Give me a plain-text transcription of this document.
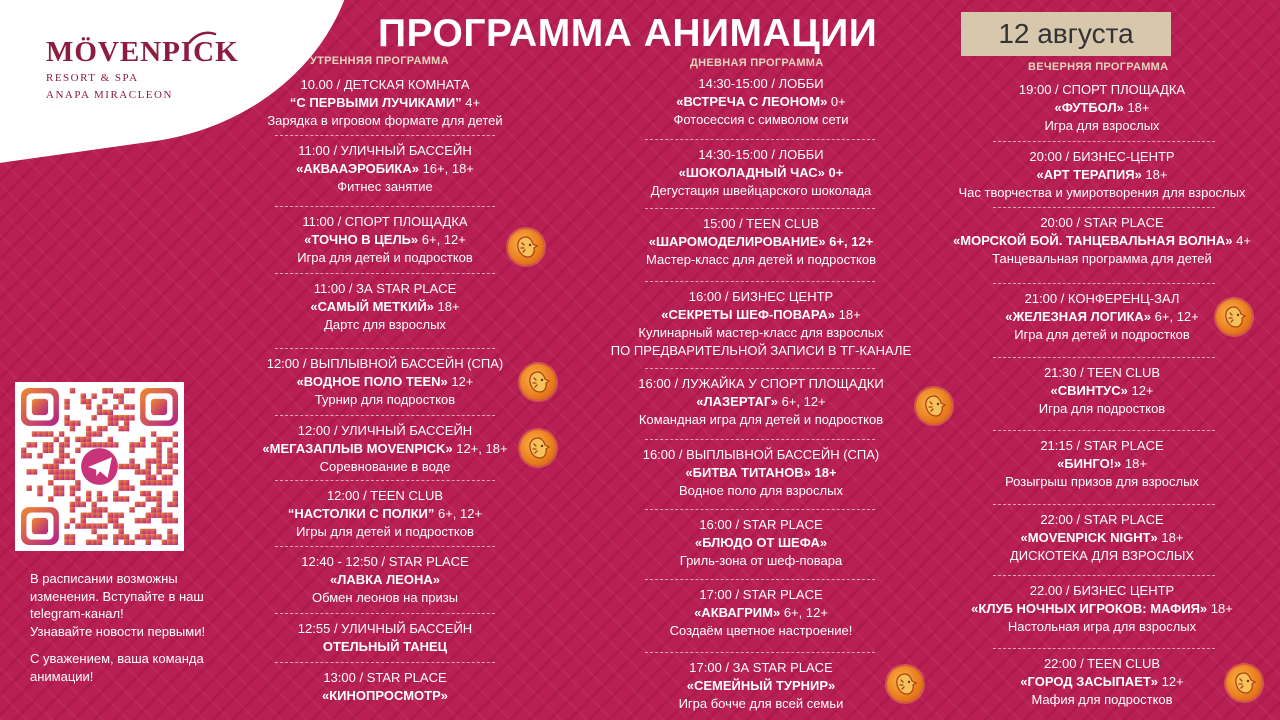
MÖVENPICK
RESORT & SPA
ANAPA MIRACLEON
ПРОГРАММА АНИМАЦИИ	12 августа
УТРЕННЯЯ ПРОГРАММА	ДНЕВНАЯ ПРОГРАММА	ВЕЧЕРНЯЯ ПРОГРАММА
10.00 / ДЕТСКАЯ КОМНАТА
“С ПЕРВЫМИ ЛУЧИКАМИ” 4+
Зарядка в игровом формате для детей
11:00 / УЛИЧНЫЙ БАССЕЙН
«АКВААЭРОБИКА» 16+, 18+
Фитнес занятие
11:00 / СПОРТ ПЛОЩАДКА
«ТОЧНО В ЦЕЛЬ» 6+, 12+
Игра для детей и подростков
11:00 / ЗА STAR PLACE
«САМЫЙ МЕТКИЙ» 18+
Дартс для взрослых
12:00 / ВЫПЛЫВНОЙ БАССЕЙН (СПА)
«ВОДНОЕ ПОЛО TEEN» 12+
Турнир для подростков
12:00 / УЛИЧНЫЙ БАССЕЙН
«МЕГАЗАПЛЫВ MOVENPICK» 12+, 18+
Соревнование в воде
12:00 / TEEN CLUB
“НАСТОЛКИ С ПОЛКИ” 6+, 12+
Игры для детей и подростков
12:40 - 12:50 / STAR PLACE
«ЛАВКА ЛЕОНА»
Обмен леонов на призы
12:55 / УЛИЧНЫЙ БАССЕЙН
ОТЕЛЬНЫЙ ТАНЕЦ
13:00 / STAR PLACE
«КИНОПРОСМОТР»
14:30-15:00 / ЛОББИ
«ВСТРЕЧА С ЛЕОНОМ» 0+
Фотосессия с символом сети
14:30-15:00 / ЛОББИ
«ШОКОЛАДНЫЙ ЧАС» 0+
Дегустация швейцарского шоколада
15:00 / TEEN CLUB
«ШАРОМОДЕЛИРОВАНИЕ» 6+, 12+
Мастер-класс для детей и подростков
16:00 / БИЗНЕС ЦЕНТР
«СЕКРЕТЫ ШЕФ-ПОВАРА» 18+
Кулинарный мастер-класс для взрослых
ПО ПРЕДВАРИТЕЛЬНОЙ ЗАПИСИ В ТГ-КАНАЛЕ
16:00 / ЛУЖАЙКА У СПОРТ ПЛОЩАДКИ
«ЛАЗЕРТАГ» 6+, 12+
Командная игра для детей и подростков
16:00 / ВЫПЛЫВНОЙ БАССЕЙН (СПА)
«БИТВА ТИТАНОВ» 18+
Водное поло для взрослых
16:00 / STAR PLACE
«БЛЮДО ОТ ШЕФА»
Гриль-зона от шеф-повара
17:00 / STAR PLACE
«АКВАГРИМ» 6+, 12+
Создаём цветное настроение!
17:00 / ЗА STAR PLACE
«СЕМЕЙНЫЙ ТУРНИР»
Игра бочче для всей семьи
19:00 / СПОРТ ПЛОЩАДКА
«ФУТБОЛ» 18+
Игра для взрослых
20:00 / БИЗНЕС-ЦЕНТР
«АРТ ТЕРАПИЯ» 18+
Час творчества и умиротворения для взрослых
20:00 / STAR PLACE
«МОРСКОЙ БОЙ. ТАНЦЕВАЛЬНАЯ ВОЛНА» 4+
Танцевальная программа для детей
21:00 / КОНФЕРЕНЦ-ЗАЛ
«ЖЕЛЕЗНАЯ ЛОГИКА» 6+, 12+
Игра для детей и подростков
21:30 / TEEN CLUB
«СВИНТУС» 12+
Игра для подростков
21:15 / STAR PLACE
«БИНГО!» 18+
Розыгрыш призов для взрослых
22:00 / STAR PLACE
«MOVENPICK NIGHT» 18+
ДИСКОТЕКА ДЛЯ ВЗРОСЛЫХ
22.00 / БИЗНЕС ЦЕНТР
«КЛУБ НОЧНЫХ ИГРОКОВ: МАФИЯ» 18+
Настольная игра для взрослых
22:00 / TEEN CLUB
«ГОРОД ЗАСЫПАЕТ» 12+
Мафия для подростков
В расписании возможны
изменения. Вступайте в наш
telegram-канал!
Узнавайте новости первыми!
С уважением, ваша команда
анимации!
